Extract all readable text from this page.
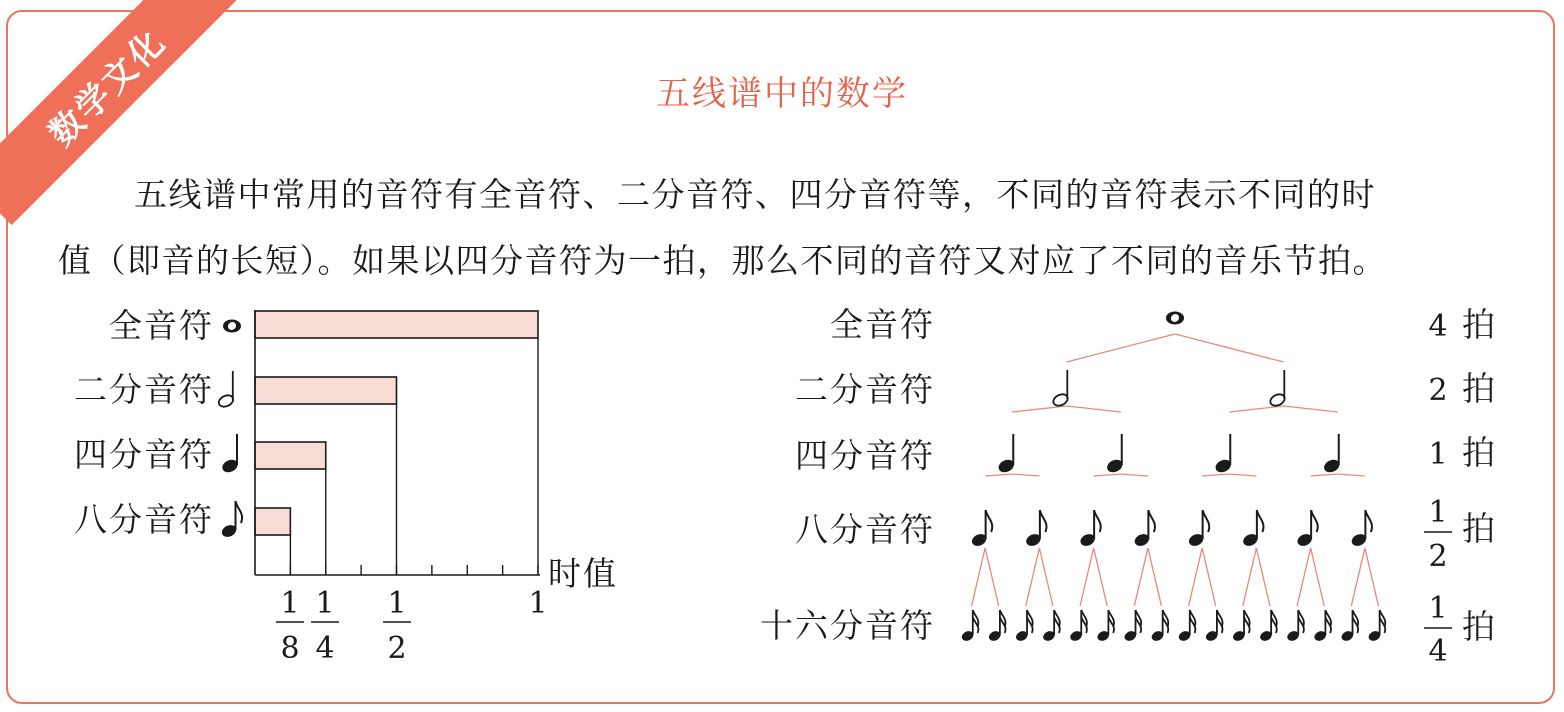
数学文化	五线谱中的数学

五线谱中常用的音符有全音符、二分音符、四分音符等，不同的音符表示不同的时

值（即音的长短）。如果以四分音符为一拍，那么不同的音符又对应了不同的音乐节拍。

全音符
二分音符
四分音符
八分音符
时值
1
8
1
4
1
2
1
全音符
二分音符
四分音符
八分音符
十六分音符
4 拍
2 拍
1 拍
1
2
拍
1
4
拍
